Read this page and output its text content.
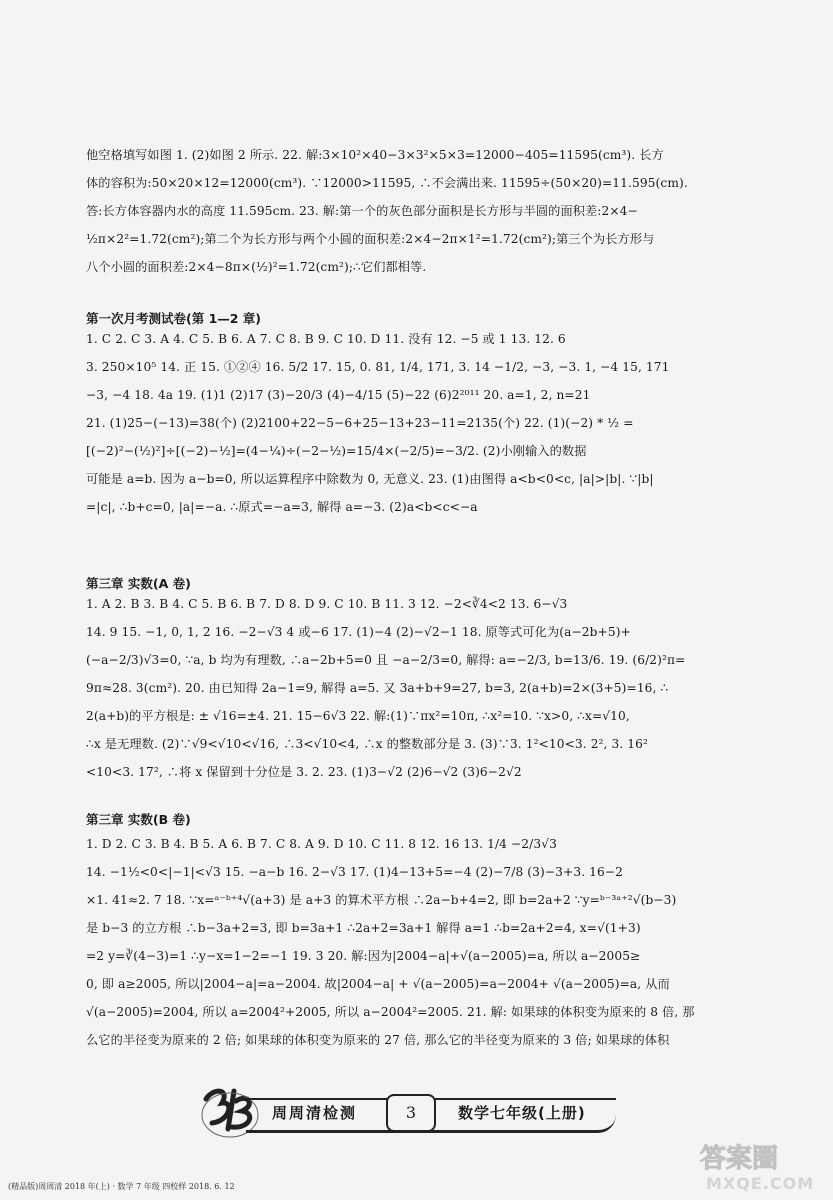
他空格填写如图 1. (2)如图 2 所示. 22. 解:3×10²×40−3×3²×5×3=12000−405=11595(cm³). 长方
体的容积为:50×20×12=12000(cm³). ∵12000>11595, ∴不会满出来. 11595÷(50×20)=11.595(cm).
答:长方体容器内水的高度 11.595cm. 23. 解:第一个的灰色部分面积是长方形与半圆的面积差:2×4−
½π×2²=1.72(cm²);第二个为长方形与两个小圆的面积差:2×4−2π×1²=1.72(cm²);第三个为长方形与
八个小圆的面积差:2×4−8π×(½)²=1.72(cm²);∴它们都相等.
第一次月考测试卷(第 1—2 章)
1. C 2. C 3. A 4. C 5. B 6. A 7. C 8. B 9. C 10. D 11. 没有 12. −5 或 1 13. 12. 6
3. 250×10⁵ 14. 正 15. ①②④ 16. 5/2 17. 15, 0. 81, 1/4, 171, 3. 14 −1/2, −3, −3. 1, −4 15, 171
−3, −4 18. 4a 19. (1)1 (2)17 (3)−20/3 (4)−4/15 (5)−22 (6)2²⁰¹¹ 20. a=1, 2, n=21
21. (1)25−(−13)=38(个) (2)2100+22−5−6+25−13+23−11=2135(个) 22. (1)(−2) * ½ =
[(−2)²−(½)²]÷[(−2)−½]=(4−¼)÷(−2−½)=15/4×(−2/5)=−3/2. (2)小刚输入的数据
可能是 a=b. 因为 a−b=0, 所以运算程序中除数为 0, 无意义. 23. (1)由图得 a<b<0<c, |a|>|b|. ∵|b|
=|c|, ∴b+c=0, |a|=−a. ∴原式=−a=3, 解得 a=−3. (2)a<b<c<−a
第三章 实数(A 卷)
1. A 2. B 3. B 4. C 5. B 6. B 7. D 8. D 9. C 10. B 11. 3 12. −2<∛4<2 13. 6−√3
14. 9 15. −1, 0, 1, 2 16. −2−√3 4 或−6 17. (1)−4 (2)−√2−1 18. 原等式可化为(a−2b+5)+
(−a−2/3)√3=0, ∵a, b 均为有理数, ∴a−2b+5=0 且 −a−2/3=0, 解得: a=−2/3, b=13/6. 19. (6/2)²π=
9π≈28. 3(cm²). 20. 由已知得 2a−1=9, 解得 a=5. 又 3a+b+9=27, b=3, 2(a+b)=2×(3+5)=16, ∴
2(a+b)的平方根是: ± √16=±4. 21. 15−6√3 22. 解:(1)∵πx²=10π, ∴x²=10. ∵x>0, ∴x=√10,
∴x 是无理数. (2)∵√9<√10<√16, ∴3<√10<4, ∴x 的整数部分是 3. (3)∵3. 1²<10<3. 2², 3. 16²
<10<3. 17², ∴将 x 保留到十分位是 3. 2. 23. (1)3−√2 (2)6−√2 (3)6−2√2
第三章 实数(B 卷)
1. D 2. C 3. B 4. B 5. A 6. B 7. C 8. A 9. D 10. C 11. 8 12. 16 13. 1/4 −2/3√3
14. −1½<0<|−1|<√3 15. −a−b 16. 2−√3 17. (1)4−13+5=−4 (2)−7/8 (3)−3+3. 16−2
×1. 41≈2. 7 18. ∵x=ᵃ⁻ᵇ⁺⁴√(a+3) 是 a+3 的算术平方根 ∴2a−b+4=2, 即 b=2a+2 ∵y=ᵇ⁻³ᵃ⁺²√(b−3)
是 b−3 的立方根 ∴b−3a+2=3, 即 b=3a+1 ∴2a+2=3a+1 解得 a=1 ∴b=2a+2=4, x=√(1+3)
=2 y=∛(4−3)=1 ∴y−x=1−2=−1 19. 3 20. 解:因为|2004−a|+√(a−2005)=a, 所以 a−2005≥
0, 即 a≥2005, 所以|2004−a|=a−2004. 故|2004−a| + √(a−2005)=a−2004+ √(a−2005)=a, 从而
√(a−2005)=2004, 所以 a=2004²+2005, 所以 a−2004²=2005. 21. 解: 如果球的体积变为原来的 8 倍, 那
么它的半径变为原来的 2 倍; 如果球的体积变为原来的 27 倍, 那么它的半径变为原来的 3 倍; 如果球的体积
周周清检测	3	数学七年级(上册)
(精品版)周周清 2018 年(上) · 数学 7 年级 四校样 2018. 6. 12
答案圈
MXQE.COM
